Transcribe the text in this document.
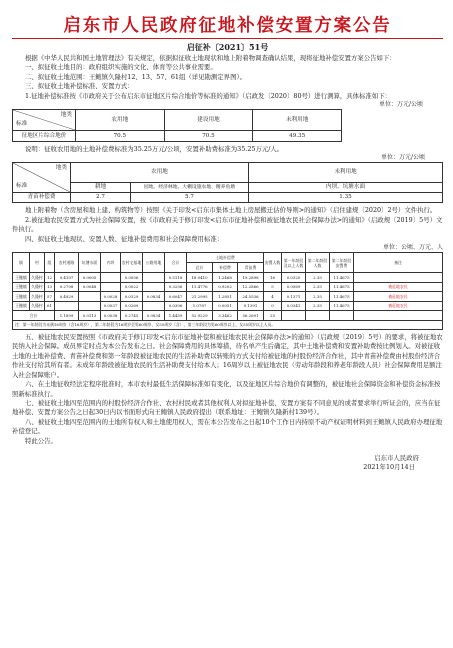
启东市人民政府征地补偿安置方案公告
启征补〔2021〕51号

根据《中华人民共和国土地管理法》有关规定，依据拟征收土地现状和地上附着物调查确认结果，现将征地补偿安置方案公告如下：

一、拟征收土地目的：政府组织实施的文化、体育等公共事业需要。

二、拟征收土地范围：王鲍镇久隆村12、13、57、61组（详见勘测定界图）。

三、拟征收土地补偿标准、安置方式：

1.征地补偿标准按《市政府关于公布启东市征地区片综合地价等标准的通知》（启政发〔2020〕80号）进行测算，具体标准如下：

单位：万元/公顷
地类
标准	农用地	建设用地	未利用地
征地区片综合地价	70.5	70.5	49.35

说明：征收农用地的土地补偿费标准为35.25万元/公顷，安置补助费标准为35.25万元/人。

单位：万元/公顷
地类
标准	农用地		未利用地
	耕地	园地、经济林地、大棚设施农地、精养鱼塘	内坝、坑塘水面
青苗补偿费	2.7	5.7	1.35

地上附着物（含房屋和地上建、构筑物等）按照《关于印发<启东市集体土地上房屋搬迁估价导则>的通知》（启住建规〔2020〕2号）文件执行。

2.被征地农民安置方式为社会保障安置，按《市政府关于修订印发<启东市征地补偿和被征地农民社会保障办法>的通知》（启政规〔2019〕5号）文件执行。

四、拟征收土地现状、安置人数、征地补偿费用和社会保障费用标准：

单位：公顷、万元、人
镇	村	组	农村道路	坑塘水面	内坝	农村宅基地	公路用地	合计	土地补偿费			安置人数	第一年龄段及以上人数	第二年龄段人数	第二年龄段安置费	备注
									总计	补偿费	青苗费					
王鲍镇	久隆村	12	0.4197	0.0005		0.0056		0.5118	18.0410	1.2468	19.2898	16	0.0320	2.35	11.4675	
王鲍镇	久隆村	13	0.2798	0.0048		0.0022		0.3256	11.4776	0.9202	12.2866	5	0.0569	2.35	11.4675	被征地农民
王鲍镇	久隆村	57	0.4929		0.0028	0.0329	0.0834	0.6047	21.2995	1.2851	24.5536	4	0.1371	2.35	11.4675	被征地农民
王鲍镇	久隆村	61			0.0037	0.0269		0.0306	1.0787	0.0051	0.1391	0	0.0341	2.35	11.4675	被征地农民
合计			1.1899	0.0113	0.0038	0.2745	0.0834	1.4459	52.9229	3.3462	56.2691	25				
注：第一年龄段为未满16周岁（含16周岁），第二年龄段为16周岁至男60周岁、女55周岁（含），第三年龄段为男60周岁以上、女55周岁以上人员。																

五、被征地农民安置按照《市政府关于修订印发<启东市征地补偿和被征地农民社会保障办法>的通知》（启政规〔2019〕5号）的要求，将被征地农民纳入社会保障。成员界定时点为本公告发布之日。社会保障费用的具体筹措，待名单产生后确定，其中土地补偿费和安置补助费按比例划入。对被征收土地的土地补偿费、青苗补偿费和第一年龄段被征地农民的生活补助费以转账的方式支付给被征地的村股份经济合作社，其中青苗补偿费由村股份经济合作社支付给其所有者。未成年年龄段被征地农民的生活补助费支付给本人；16周岁以上被征地农民（劳动年龄段和养老年龄段人员）社会保障费用足额注入社会保障账户。

六、在土地征收经法定程序批准时，本市农村最低生活保障标准如有变化，以及征地区片综合地价有调整的，被征地社会保障资金和补偿资金标准按照新标准执行。

七、被征收土地四至范围内的村股份经济合作社、农村村民或者其他权利人对拟征地补偿、安置方案有不同意见的或者要求举行听证会的，应当在征地补偿、安置方案公告之日起30日内以书面形式向王鲍镇人民政府提出（联系地址：王鲍镇久隆新村139号）。

八、被征收土地四至范围内的土地所有权人和土地使用权人，需在本公告发布之日起10个工作日内持原不动产权证明材料到王鲍镇人民政府办理征地补偿登记。

特此公告。

启东市人民政府
2021年10月14日
